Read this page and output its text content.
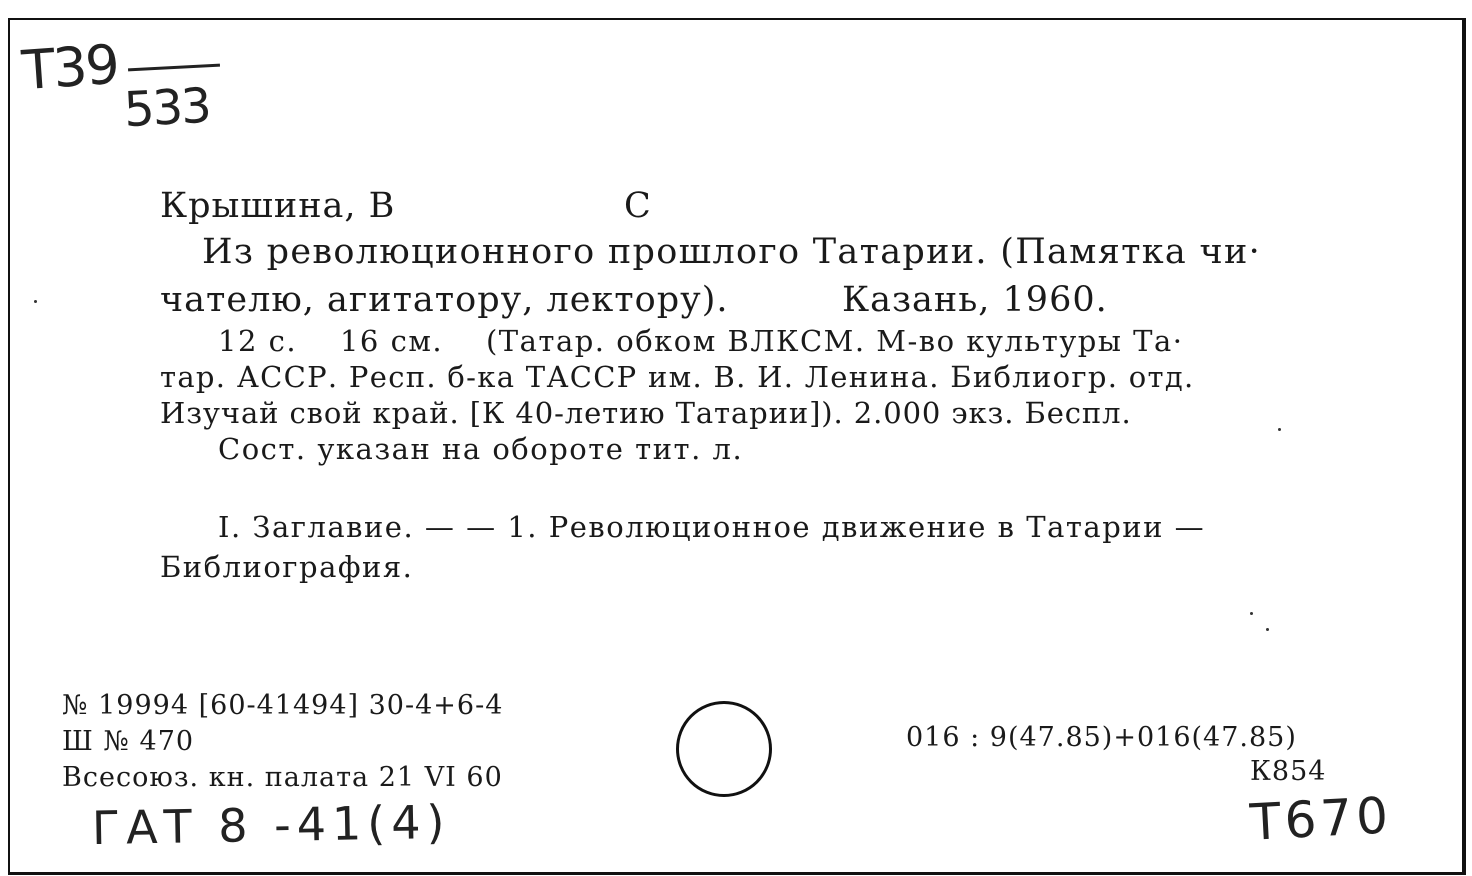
Т39
533
Крышина, В	С
Из революционного прошлого Татарии. (Памятка чи·
чателю, агитатору, лектору).	Казань, 1960.
12 с.    16 см.    (Татар. обком ВЛКСМ. М-во культуры Та·
тар. АССР. Респ. б-ка ТАССР им. В. И. Ленина. Библиогр. отд.
Изучай свой край. [К 40-летию Татарии]). 2.000 экз. Беспл.
Сост. указан на обороте тит. л.
I. Заглавие. — — 1. Революционное движение в Татарии —
Библиография.
№ 19994 [60-41494] 30-4+6-4
Ш № 470
Всесоюз. кн. палата 21 VI 60
016 : 9(47.85)+016(47.85)
К854
ГАТ 8 -41(4)	Т670
